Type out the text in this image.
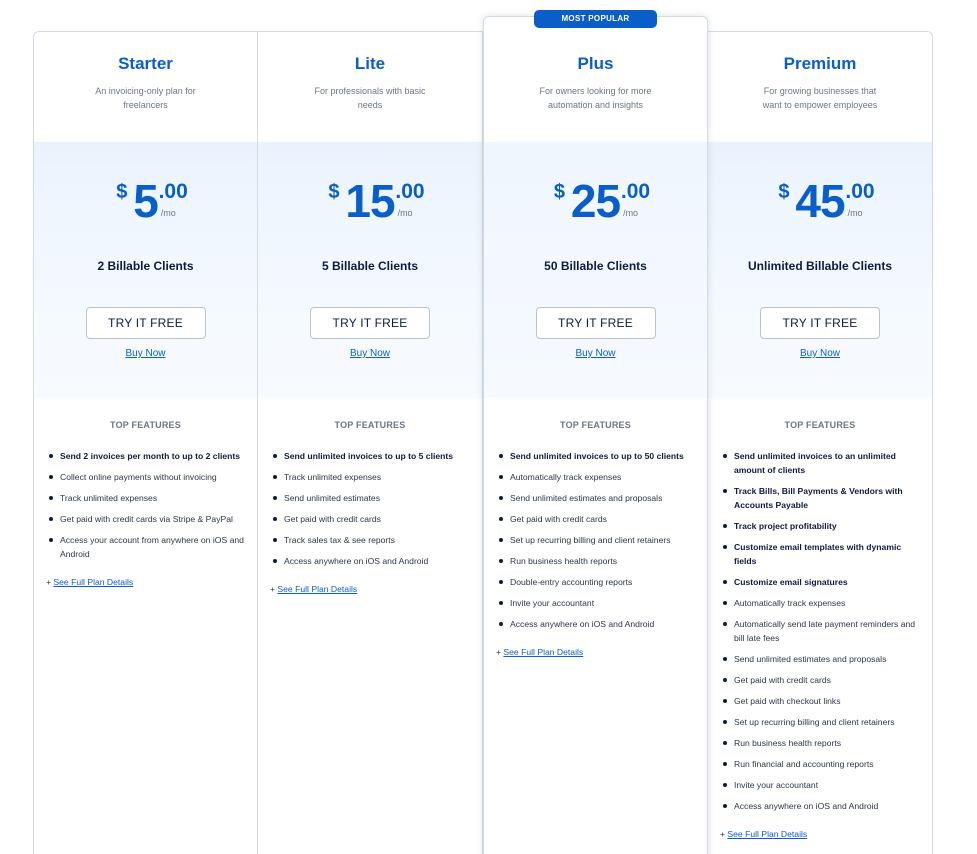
Starter
An invoicing-only plan for freelancers
$ 5 .00
/mo
2 Billable Clients
TRY IT FREE
Buy Now
TOP FEATURES
Send 2 invoices per month to up to 2 clients
Collect online payments without invoicing
Track unlimited expenses
Get paid with credit cards via Stripe & PayPal
Access your account from anywhere on iOS and Android
+ See Full Plan Details
Lite
For professionals with basic needs
$ 15 .00
/mo
5 Billable Clients
TRY IT FREE
Buy Now
TOP FEATURES
Send unlimited invoices to up to 5 clients
Track unlimited expenses
Send unlimited estimates
Get paid with credit cards
Track sales tax & see reports
Access anywhere on iOS and Android
+ See Full Plan Details
MOST POPULAR
Plus
For owners looking for more automation and insights
$ 25 .00
/mo
50 Billable Clients
TRY IT FREE
Buy Now
TOP FEATURES
Send unlimited invoices to up to 50 clients
Automatically track expenses
Send unlimited estimates and proposals
Get paid with credit cards
Set up recurring billing and client retainers
Run business health reports
Double-entry accounting reports
Invite your accountant
Access anywhere on iOS and Android
+ See Full Plan Details
Premium
For growing businesses that want to empower employees
$ 45 .00
/mo
Unlimited Billable Clients
TRY IT FREE
Buy Now
TOP FEATURES
Send unlimited invoices to an unlimited amount of clients
Track Bills, Bill Payments & Vendors with Accounts Payable
Track project profitability
Customize email templates with dynamic fields
Customize email signatures
Automatically track expenses
Automatically send late payment reminders and bill late fees
Send unlimited estimates and proposals
Get paid with credit cards
Get paid with checkout links
Set up recurring billing and client retainers
Run business health reports
Run financial and accounting reports
Invite your accountant
Access anywhere on iOS and Android
+ See Full Plan Details
